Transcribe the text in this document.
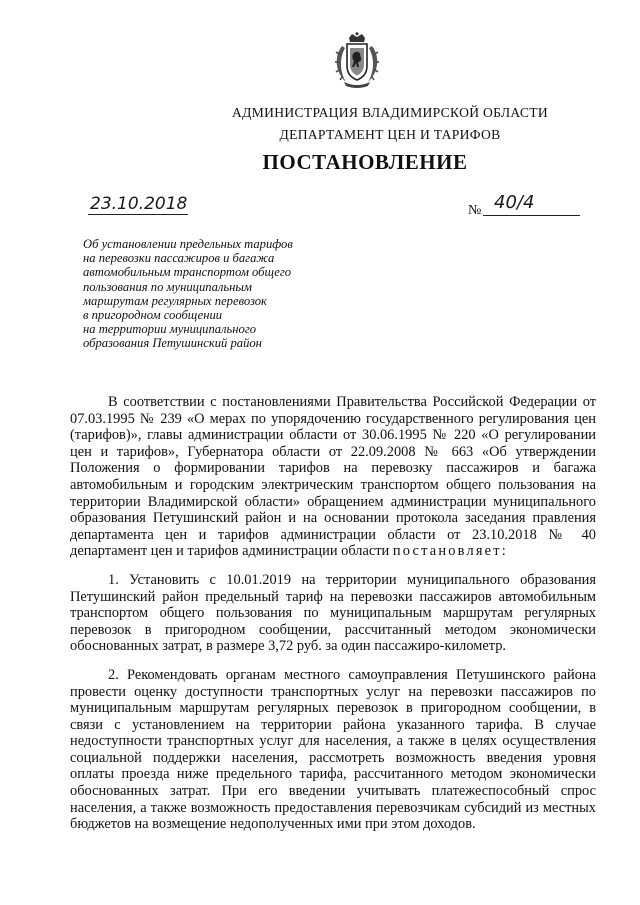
АДМИНИСТРАЦИЯ ВЛАДИМИРСКОЙ ОБЛАСТИ
ДЕПАРТАМЕНТ ЦЕН И ТАРИФОВ
ПОСТАНОВЛЕНИЕ
23.10.2018	№ 40/4
Об установлении предельных тарифов
на перевозки пассажиров и багажа
автомобильным транспортом общего
пользования по муниципальным
маршрутам регулярных перевозок
в пригородном сообщении
на территории муниципального
образования Петушинский район

В соответствии с постановлениями Правительства Российской Федерации от 07.03.1995 № 239 «О мерах по упорядочению государственного регулирования цен (тарифов)», главы администрации области от 30.06.1995 № 220 «О регулировании цен и тарифов», Губернатора области от 22.09.2008 № 663 «Об утверждении Положения о формировании тарифов на перевозку пассажиров и багажа автомобильным и городским электрическим транспортом общего пользования на территории Владимирской области» обращением администрации муниципального образования Петушинский район и на основании протокола заседания правления департамента цен и тарифов администрации области от 23.10.2018 № 40 департамент цен и тарифов администрации области постановляет:

1. Установить с 10.01.2019 на территории муниципального образования Петушинский район предельный тариф на перевозки пассажиров автомобильным транспортом общего пользования по муниципальным маршрутам регулярных перевозок в пригородном сообщении, рассчитанный методом экономически обоснованных затрат, в размере 3,72 руб. за один пассажиро-километр.

2. Рекомендовать органам местного самоуправления Петушинского района провести оценку доступности транспортных услуг на перевозки пассажиров по муниципальным маршрутам регулярных перевозок в пригородном сообщении, в связи с установлением на территории района указанного тарифа. В случае недоступности транспортных услуг для населения, а также в целях осуществления социальной поддержки населения, рассмотреть возможность введения уровня оплаты проезда ниже предельного тарифа, рассчитанного методом экономически обоснованных затрат. При его введении учитывать платежеспособный спрос населения, а также возможность предоставления перевозчикам субсидий из местных бюджетов на возмещение недополученных ими при этом доходов.
